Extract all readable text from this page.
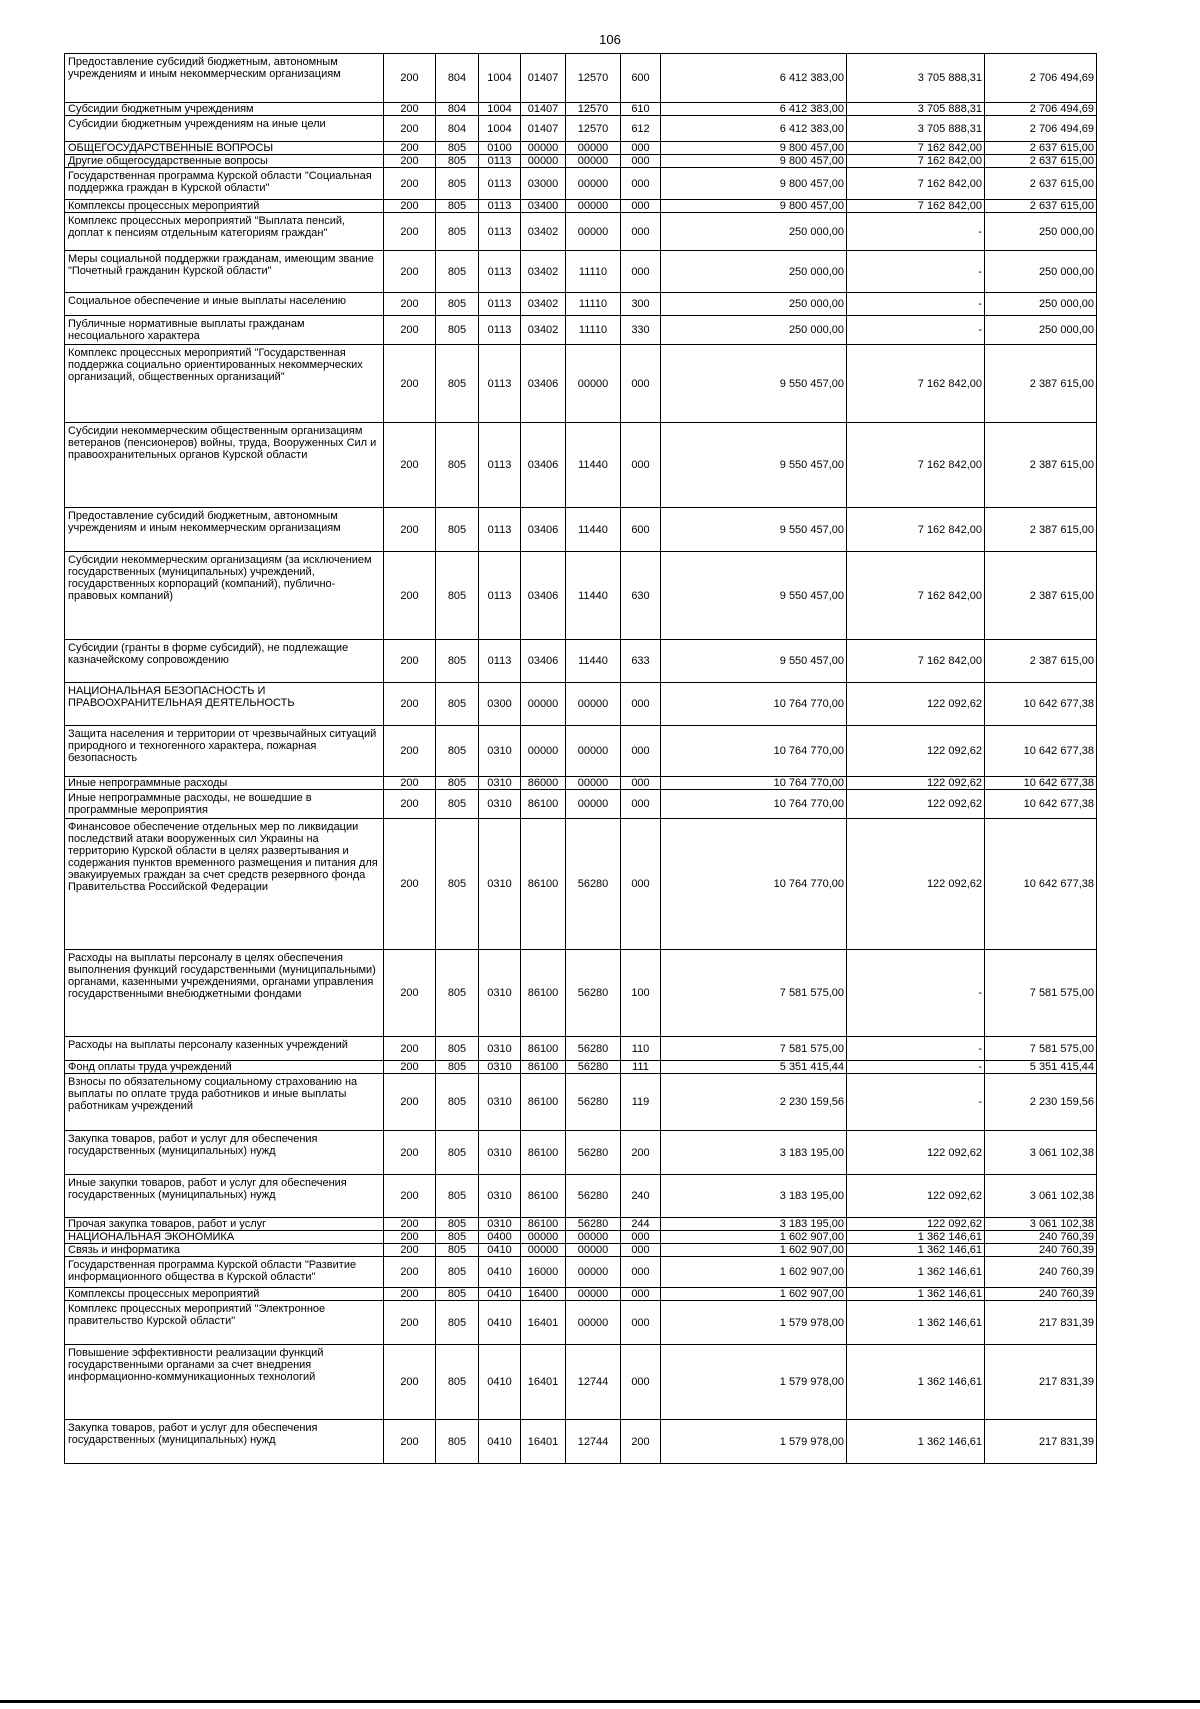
106
Предоставление субсидий бюджетным, автономным учреждениям и иным некоммерческим организациям	200	804	1004	01407	12570	600	6 412 383,00	3 705 888,31	2 706 494,69
Субсидии бюджетным учреждениям	200	804	1004	01407	12570	610	6 412 383,00	3 705 888,31	2 706 494,69
Субсидии бюджетным учреждениям на иные цели	200	804	1004	01407	12570	612	6 412 383,00	3 705 888,31	2 706 494,69
ОБЩЕГОСУДАРСТВЕННЫЕ ВОПРОСЫ	200	805	0100	00000	00000	000	9 800 457,00	7 162 842,00	2 637 615,00
Другие общегосударственные вопросы	200	805	0113	00000	00000	000	9 800 457,00	7 162 842,00	2 637 615,00
Государственная программа Курской области "Социальная поддержка граждан в Курской области"	200	805	0113	03000	00000	000	9 800 457,00	7 162 842,00	2 637 615,00
Комплексы процессных мероприятий	200	805	0113	03400	00000	000	9 800 457,00	7 162 842,00	2 637 615,00
Комплекс процессных мероприятий "Выплата пенсий, доплат к пенсиям отдельным категориям граждан"	200	805	0113	03402	00000	000	250 000,00	-	250 000,00
Меры социальной поддержки гражданам, имеющим звание "Почетный гражданин Курской области"	200	805	0113	03402	11110	000	250 000,00	-	250 000,00
Социальное обеспечение и иные выплаты населению	200	805	0113	03402	11110	300	250 000,00	-	250 000,00
Публичные нормативные выплаты гражданам несоциального характера	200	805	0113	03402	11110	330	250 000,00	-	250 000,00
Комплекс процессных мероприятий "Государственная поддержка социально ориентированных некоммерческих организаций, общественных организаций"	200	805	0113	03406	00000	000	9 550 457,00	7 162 842,00	2 387 615,00
Субсидии некоммерческим общественным организациям ветеранов (пенсионеров) войны, труда, Вооруженных Сил и правоохранительных органов Курской области	200	805	0113	03406	11440	000	9 550 457,00	7 162 842,00	2 387 615,00
Предоставление субсидий бюджетным, автономным учреждениям и иным некоммерческим организациям	200	805	0113	03406	11440	600	9 550 457,00	7 162 842,00	2 387 615,00
Субсидии некоммерческим организациям (за исключением государственных (муниципальных) учреждений, государственных корпораций (компаний), публично-правовых компаний)	200	805	0113	03406	11440	630	9 550 457,00	7 162 842,00	2 387 615,00
Субсидии (гранты в форме субсидий), не подлежащие казначейскому сопровождению	200	805	0113	03406	11440	633	9 550 457,00	7 162 842,00	2 387 615,00
НАЦИОНАЛЬНАЯ БЕЗОПАСНОСТЬ И ПРАВООХРАНИТЕЛЬНАЯ ДЕЯТЕЛЬНОСТЬ	200	805	0300	00000	00000	000	10 764 770,00	122 092,62	10 642 677,38
Защита населения и территории от чрезвычайных ситуаций природного и техногенного характера, пожарная безопасность	200	805	0310	00000	00000	000	10 764 770,00	122 092,62	10 642 677,38
Иные непрограммные расходы	200	805	0310	86000	00000	000	10 764 770,00	122 092,62	10 642 677,38
Иные непрограммные расходы, не вошедшие в программные мероприятия	200	805	0310	86100	00000	000	10 764 770,00	122 092,62	10 642 677,38
Финансовое обеспечение отдельных мер по ликвидации последствий атаки вооруженных сил Украины на территорию Курской области в целях развертывания и содержания пунктов временного размещения и питания для эвакуируемых граждан за счет средств резервного фонда Правительства Российской Федерации	200	805	0310	86100	56280	000	10 764 770,00	122 092,62	10 642 677,38
Расходы на выплаты персоналу в целях обеспечения выполнения функций государственными (муниципальными) органами, казенными учреждениями, органами управления государственными внебюджетными фондами	200	805	0310	86100	56280	100	7 581 575,00	-	7 581 575,00
Расходы на выплаты персоналу казенных учреждений	200	805	0310	86100	56280	110	7 581 575,00	-	7 581 575,00
Фонд оплаты труда учреждений	200	805	0310	86100	56280	111	5 351 415,44	-	5 351 415,44
Взносы по обязательному социальному страхованию на выплаты по оплате труда работников и иные выплаты работникам учреждений	200	805	0310	86100	56280	119	2 230 159,56	-	2 230 159,56
Закупка товаров, работ и услуг для обеспечения государственных (муниципальных) нужд	200	805	0310	86100	56280	200	3 183 195,00	122 092,62	3 061 102,38
Иные закупки товаров, работ и услуг для обеспечения государственных (муниципальных) нужд	200	805	0310	86100	56280	240	3 183 195,00	122 092,62	3 061 102,38
Прочая закупка товаров, работ и услуг	200	805	0310	86100	56280	244	3 183 195,00	122 092,62	3 061 102,38
НАЦИОНАЛЬНАЯ ЭКОНОМИКА	200	805	0400	00000	00000	000	1 602 907,00	1 362 146,61	240 760,39
Связь и информатика	200	805	0410	00000	00000	000	1 602 907,00	1 362 146,61	240 760,39
Государственная программа Курской области "Развитие информационного общества в Курской области"	200	805	0410	16000	00000	000	1 602 907,00	1 362 146,61	240 760,39
Комплексы процессных мероприятий	200	805	0410	16400	00000	000	1 602 907,00	1 362 146,61	240 760,39
Комплекс процессных мероприятий "Электронное правительство Курской области"	200	805	0410	16401	00000	000	1 579 978,00	1 362 146,61	217 831,39
Повышение эффективности реализации функций государственными органами за счет внедрения информационно-коммуникационных технологий	200	805	0410	16401	12744	000	1 579 978,00	1 362 146,61	217 831,39
Закупка товаров, работ и услуг для обеспечения государственных (муниципальных) нужд	200	805	0410	16401	12744	200	1 579 978,00	1 362 146,61	217 831,39
